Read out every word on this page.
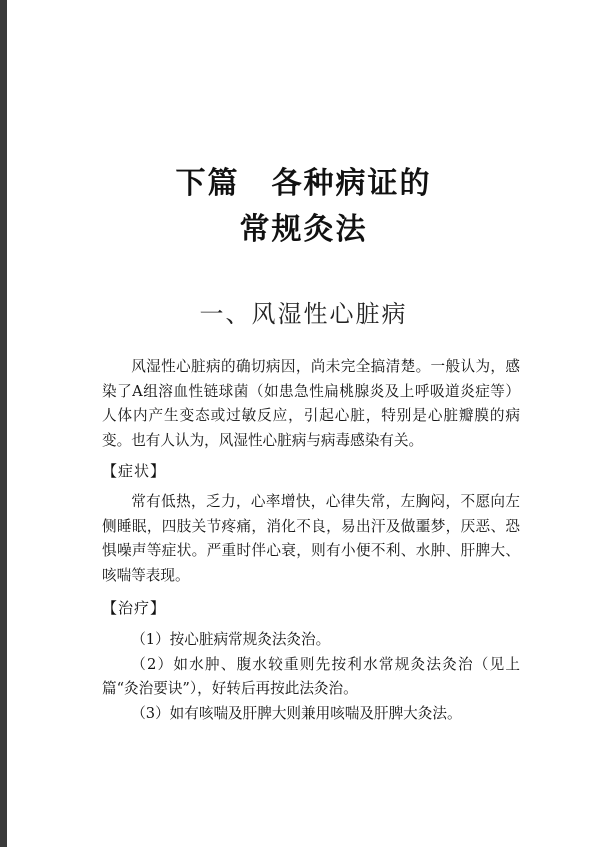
下篇　各种病证的
常规灸法
一、风湿性心脏病

风湿性心脏病的确切病因，尚未完全搞清楚。一般认为，感染了A组溶血性链球菌（如患急性扁桃腺炎及上呼吸道炎症等）人体内产生变态或过敏反应，引起心脏，特别是心脏瓣膜的病变。也有人认为，风湿性心脏病与病毒感染有关。

【症状】

常有低热，乏力，心率增快，心律失常，左胸闷，不愿向左侧睡眠，四肢关节疼痛，消化不良，易出汗及做噩梦，厌恶、恐惧噪声等症状。严重时伴心衰，则有小便不利、水肿、肝脾大、咳喘等表现。

【治疗】
（1）按心脏病常规灸法灸治。
（2）如水肿、腹水较重则先按利水常规灸法灸治（见上篇“灸治要诀”），好转后再按此法灸治。
（3）如有咳喘及肝脾大则兼用咳喘及肝脾大灸法。
